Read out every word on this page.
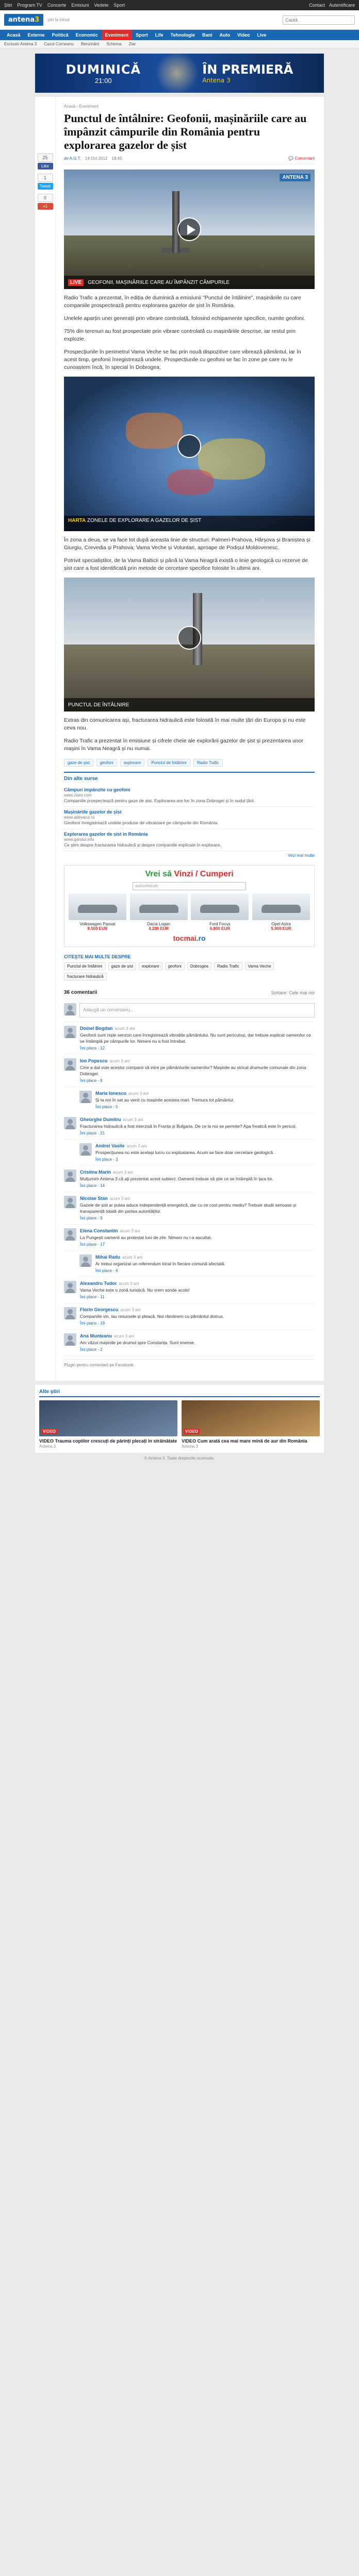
Știri Program TV Concerte Emisiuni Vedete Sport	Contact Autentificare
antena3	știri la minut
Caută
Acasă	Externe	Politică	Economic	Eveniment	Sport	Life	Tehnologie	Bani	Auto	Video	Live
Exclusiv Antena 3 Cazul Corneanu Benzinării Schema Ziar
DUMINICĂ
21:00
ÎN PREMIERĂ
Antena 3
25
Like
1
Tweet
0
+1
Acasă › Eveniment
Punctul de întâlnire: Geofonii, mașinăriile care au împânzit câmpurile din România pentru explorarea gazelor de șist
de A.G.T. 14 Oct 2012 18:45	💬 Comentarii
ANTENA 3
LIVE	GEOFONII, MAȘINĂRIILE CARE AU ÎMPÂNZIT CÂMPURILE

Radio Trafic a prezentat, în ediția de duminică a emisiunii "Punctul de întâlnire", mașinăriile cu care companiile prospectează pentru explorarea gazelor de șist în România.

Unelele aparțin unei generații prin vibrare controlată, folosind echipamente specifice, numite geofoni.

75% din terenuri au fost prospectate prin vibrare controlată cu mașinăriile descrise, iar restul prin explozie.

Prospecțiunile în perimetrul Vama Veche se fac prin nouă dispozitive care vibrează pământul, iar în acest timp, geofonii înregistrează undele. Prospecțiunile cu geofoni se fac în zone pe care nu le cunoaștem încă, în special în Dobrogea.

HARTA ZONELE DE EXPLORARE A GAZELOR DE ȘIST

În zona a deua, se va face tot după aceasta linie de structuri: Palmeri-Prahova, Hârșova și Braniștea și Giurgiu, Crevedia și Prahova; Vama Veche și Voluntari, aproape de Podișul Moldovenesc.

Potrivit specialiștilor, de la Vama Balticii și până la Vama Neagră există o linie geologică cu rezerve de șist care a fost identificată prin metode de cercetare specifice folosite în ultimii ani.

PUNCTUL DE ÎNTÂLNIRE

Extras din comunicarea ași, fracturarea hidraulică este folosită în mai multe țări din Europa și nu este ceva nou.

Radio Trafic a prezentat în emisiune și cifrele cheie ale explorării gazelor de șist și prezentarea unor mașini în Vama Neagră și nu numai.

gaze de șist	geofoni	explorare	Punctul de întâlnire	Radio Trafic
Din alte surse
Câmpuri împânzite cu geofoni
www.ziare.com
Companiile prospectează pentru gaze de șist. Explorarea are loc în zona Dobrogei și în sudul țării.
Mașinăriile gazelor de șist
www.adevarul.ro
Geofonii înregistrează undele produse de vibratoare pe câmpurile din România.
Explorarea gazelor de șist în România
www.gandul.info
Ce știm despre fracturarea hidraulică și despre companiile implicate în explorare.
Vezi mai multe
Vrei să Vinzi / Cumperi
autovehicule
Volkswagen Passat
9.500 EUR
Dacia Logan
4.200 EUR
Ford Focus
6.800 EUR
Opel Astra
5.900 EUR
tocmai.ro
CITEȘTE MAI MULTE DESPRE
Punctul de întâlnire	gaze de șist	explorare	geofoni	Dobrogea	Radio Trafic	Vama Veche
fracturare hidraulică
36 comentarii	Sortare: Cele mai noi
Adaugă un comentariu...
Doinel Bogdan acum 3 ani
Geofonii sunt niște senzori care înregistrează vibrațiile pământului. Nu sunt periculoși, dar trebuie explicat oamenilor ce se întâmplă pe câmpurile lor. Nimeni nu a fost întrebat.
Îmi place · 12
Ion Popescu acum 3 ani
Cine a dat voie acestor companii să intre pe pământurile oamenilor? Mașinile au stricat drumurile comunale din zona Dobrogei.
Îmi place · 8
Maria Ionescu acum 3 ani
Și la noi în sat au venit cu mașinile acestea mari. Tremura tot pământul.
Îmi place · 5
Gheorghe Dumitru acum 3 ani
Fracturarea hidraulică a fost interzisă în Franța și Bulgaria. De ce la noi se permite? Apa freatică este în pericol.
Îmi place · 21
Andrei Vasile acum 3 ani
Prospecțiunea nu este același lucru cu exploatarea. Acum se face doar cercetare geologică.
Îmi place · 3
Cristina Marin acum 3 ani
Mulțumim Antena 3 că ați prezentat acest subiect. Oamenii trebuie să știe ce se întâmplă în țara lor.
Îmi place · 14
Nicolae Stan acum 3 ani
Gazele de șist ar putea aduce independență energetică, dar cu ce cost pentru mediu? Trebuie studii serioase și transparență totală din partea autorităților.
Îmi place · 9
Elena Constantin acum 3 ani
La Pungești oamenii au protestat luni de zile. Nimeni nu i-a ascultat.
Îmi place · 17
Mihai Radu acum 3 ani
Ar trebui organizat un referendum local în fiecare comună afectată.
Îmi place · 6
Alexandru Tudor acum 3 ani
Vama Veche este o zonă turistică. Nu vrem sonde acolo!
Îmi place · 11
Florin Georgescu acum 3 ani
Companiile vin, iau resursele și pleacă. Noi rămânem cu pământul distrus.
Îmi place · 19
Ana Munteanu acum 3 ani
Am văzut mașinile pe drumul spre Constanța. Sunt imense.
Îmi place · 2
Plugin pentru comentarii pe Facebook
Alte știri
VIDEO
VIDEO Trauma copiilor crescuți de părinți plecați în străinătate
Antena 3
VIDEO
VIDEO Cum arată cea mai mare mină de aur din România
Antena 3
© Antena 3. Toate drepturile rezervate.
